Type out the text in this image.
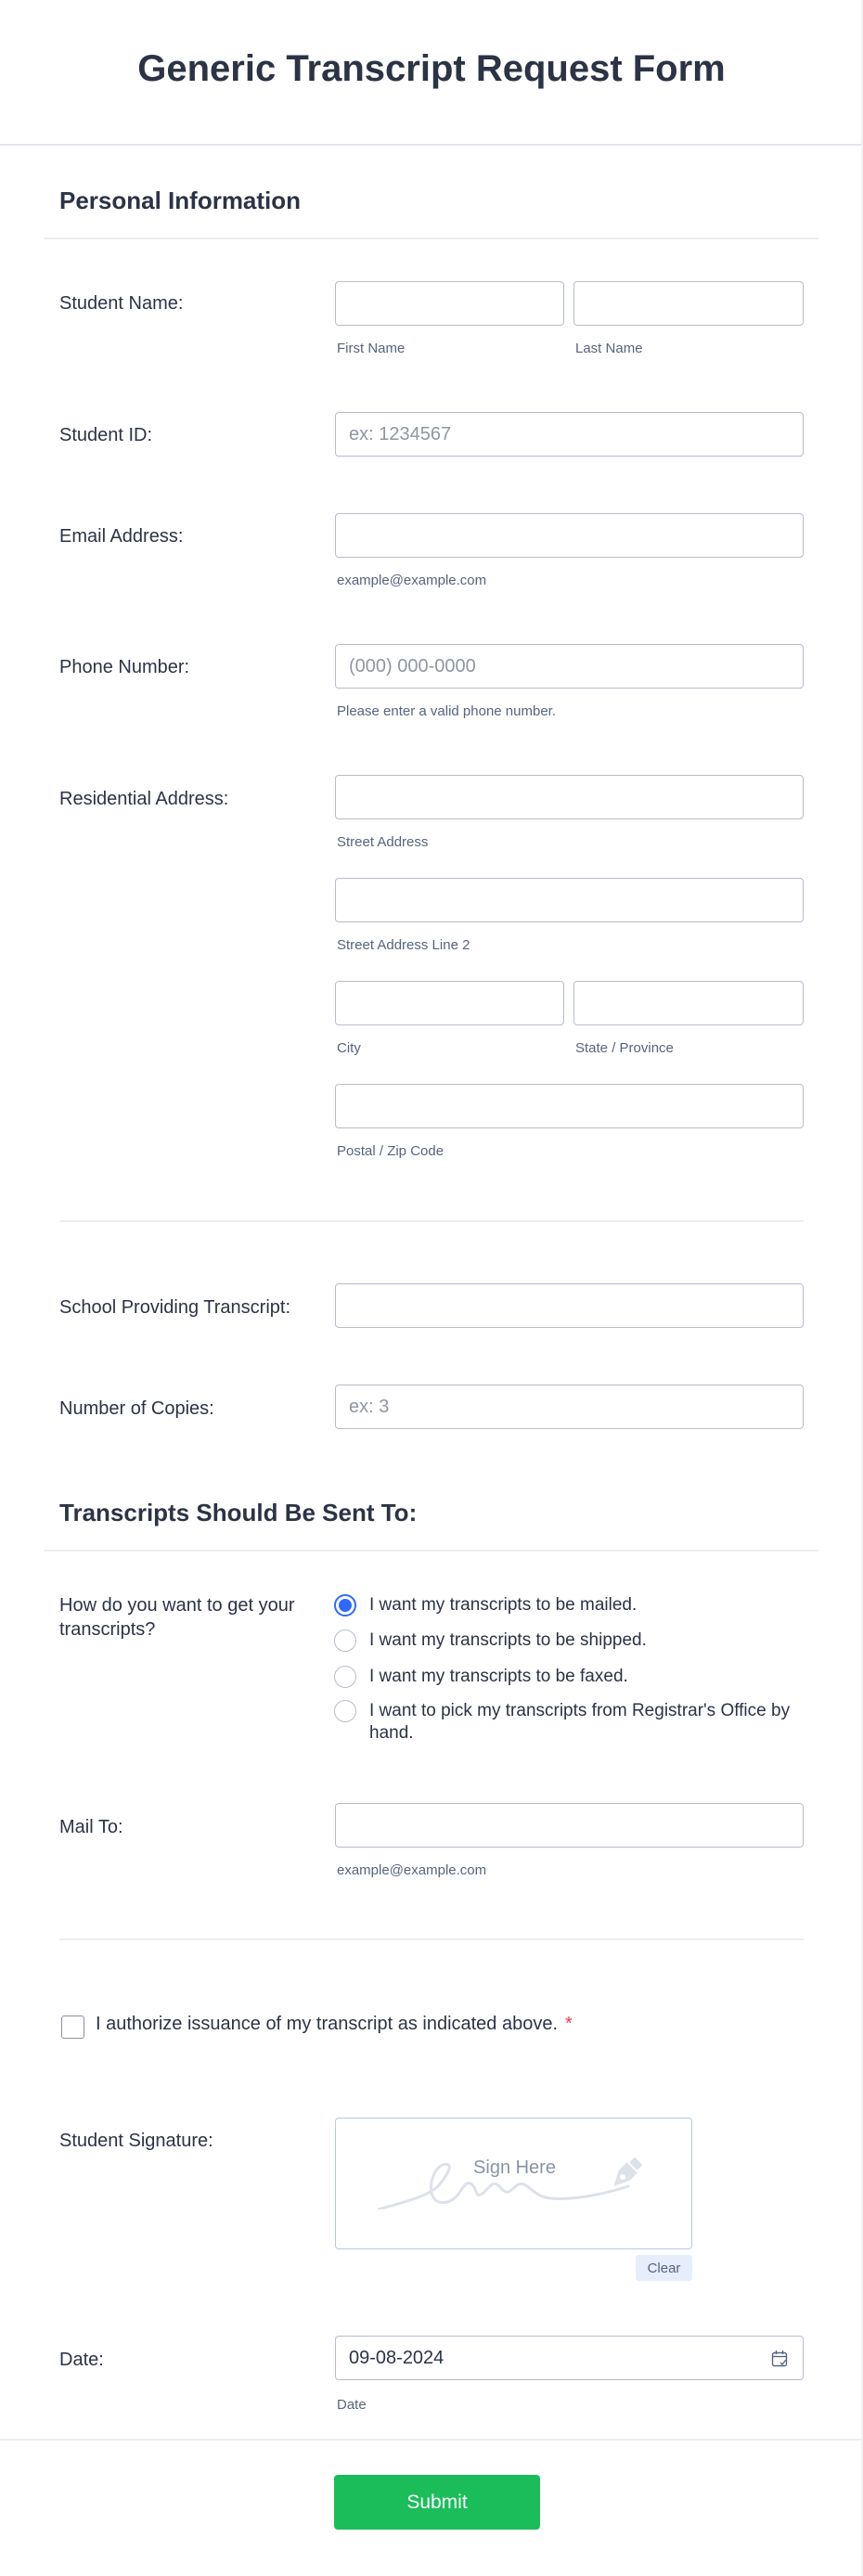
Generic Transcript Request Form
Personal Information
Student Name:
First Name	Last Name
Student ID:
ex: 1234567
Email Address:
example@example.com
Phone Number:
(000) 000-0000
Please enter a valid phone number.
Residential Address:
Street Address
Street Address Line 2
City	State / Province
Postal / Zip Code
School Providing Transcript:
Number of Copies:
ex: 3
Transcripts Should Be Sent To:
How do you want to get your transcripts?
I want my transcripts to be mailed.
I want my transcripts to be shipped.
I want my transcripts to be faxed.
I want to pick my transcripts from Registrar's Office by hand.
Mail To:
example@example.com
I authorize issuance of my transcript as indicated above. *
Student Signature:
Sign Here
Clear
Date:
09-08-2024
Date
Submit
